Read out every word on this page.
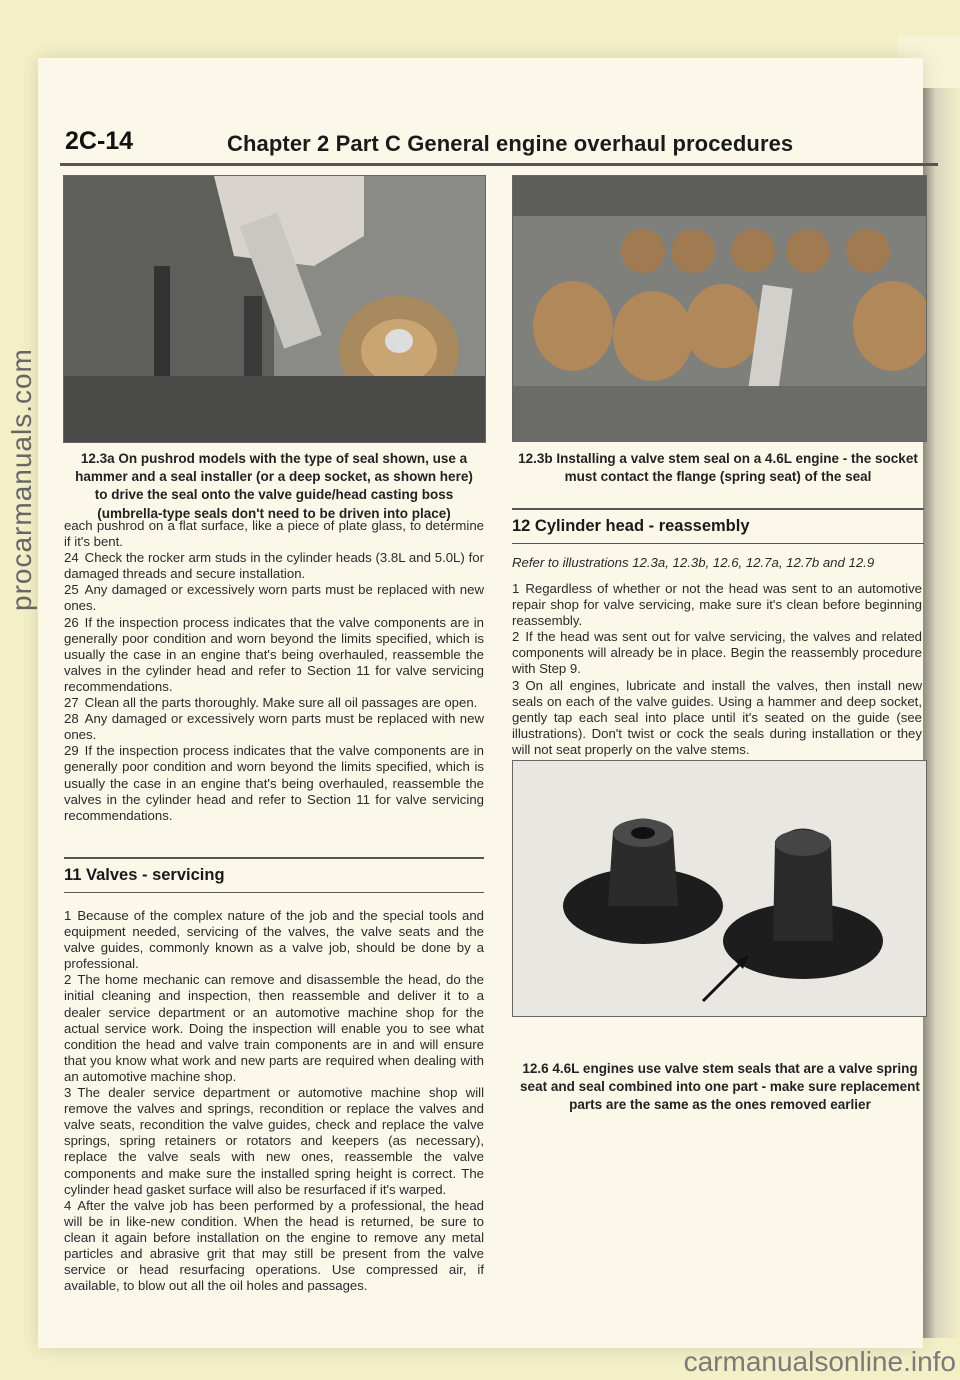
procarmanuals.com
carmanualsonline.info
2C-14	Chapter 2 Part C General engine overhaul procedures
12.3a On pushrod models with the type of seal shown, use a hammer and a seal installer (or a deep socket, as shown here) to drive the seal onto the valve guide/head casting boss (umbrella-type seals don't need to be driven into place)
12.3b Installing a valve stem seal on a 4.6L engine - the socket must contact the flange (spring seat) of the seal
12 Cylinder head - reassembly
Refer to illustrations 12.3a, 12.3b, 12.6, 12.7a, 12.7b and 12.9

1 Regardless of whether or not the head was sent to an automotive repair shop for valve servicing, make sure it's clean before beginning reassembly.

2 If the head was sent out for valve servicing, the valves and related components will already be in place. Begin the reassembly procedure with Step 9.

3 On all engines, lubricate and install the valves, then install new seals on each of the valve guides. Using a hammer and deep socket, gently tap each seal into place until it's seated on the guide (see illustrations). Don't twist or cock the seals during installation or they will not seat properly on the valve stems.

12.6 4.6L engines use valve stem seals that are a valve spring seat and seal combined into one part - make sure replacement parts are the same as the ones removed earlier

each pushrod on a flat surface, like a piece of plate glass, to determine if it's bent.

24 Check the rocker arm studs in the cylinder heads (3.8L and 5.0L) for damaged threads and secure installation.

25 Any damaged or excessively worn parts must be replaced with new ones.

26 If the inspection process indicates that the valve components are in generally poor condition and worn beyond the limits specified, which is usually the case in an engine that's being overhauled, reassemble the valves in the cylinder head and refer to Section 11 for valve servicing recommendations.

27 Clean all the parts thoroughly. Make sure all oil passages are open.

28 Any damaged or excessively worn parts must be replaced with new ones.

29 If the inspection process indicates that the valve components are in generally poor condition and worn beyond the limits specified, which is usually the case in an engine that's being overhauled, reassemble the valves in the cylinder head and refer to Section 11 for valve servicing recommendations.

11 Valves - servicing

1 Because of the complex nature of the job and the special tools and equipment needed, servicing of the valves, the valve seats and the valve guides, commonly known as a valve job, should be done by a professional.

2 The home mechanic can remove and disassemble the head, do the initial cleaning and inspection, then reassemble and deliver it to a dealer service department or an automotive machine shop for the actual service work. Doing the inspection will enable you to see what condition the head and valve train components are in and will ensure that you know what work and new parts are required when dealing with an automotive machine shop.

3 The dealer service department or automotive machine shop will remove the valves and springs, recondition or replace the valves and valve seats, recondition the valve guides, check and replace the valve springs, spring retainers or rotators and keepers (as necessary), replace the valve seals with new ones, reassemble the valve components and make sure the installed spring height is correct. The cylinder head gasket surface will also be resurfaced if it's warped.

4 After the valve job has been performed by a professional, the head will be in like-new condition. When the head is returned, be sure to clean it again before installation on the engine to remove any metal particles and abrasive grit that may still be present from the valve service or head resurfacing operations. Use compressed air, if available, to blow out all the oil holes and passages.
